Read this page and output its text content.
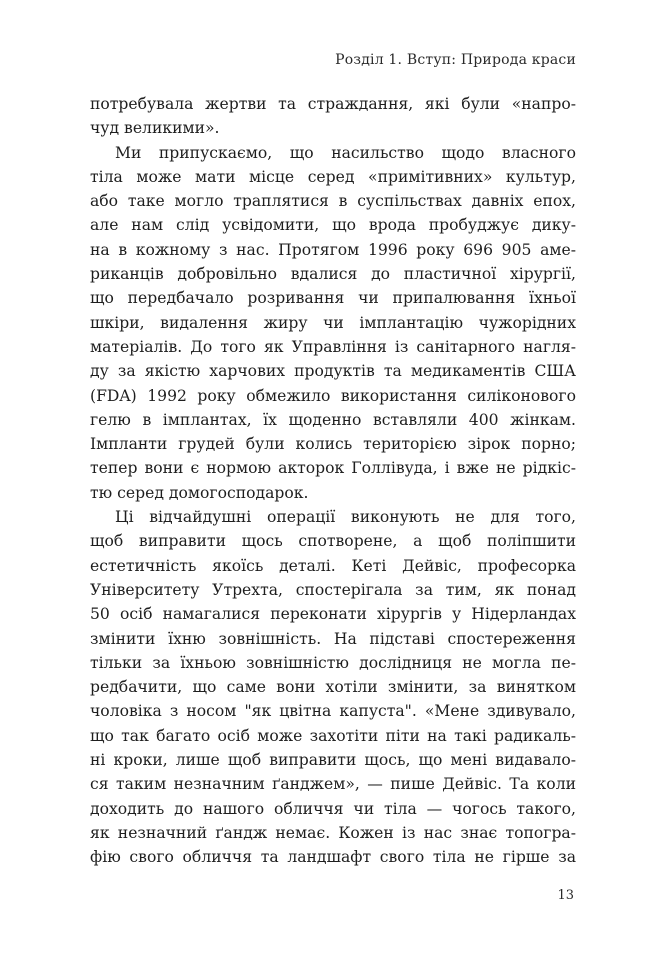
Розділ 1. Вступ: Природа краси

потребувала жертви та страждання, які були «напро-
чуд великими».

Ми припускаємо, що насильство щодо власного
тіла може мати місце серед «примітивних» культур,
або таке могло траплятися в суспільствах давніх епох,
але нам слід усвідомити, що врода пробуджує дику-
на в кожному з нас. Протягом 1996 року 696 905 аме-
риканців добровільно вдалися до пластичної хірургії,
що передбачало розривання чи припалювання їхньої
шкіри, видалення жиру чи імплантацію чужорідних
матеріалів. До того як Управління із санітарного нагля-
ду за якістю харчових продуктів та медикаментів США
(FDA) 1992 року обмежило використання силіконового
гелю в імплантах, їх щоденно вставляли 400 жінкам.
Імпланти грудей були колись територією зірок порно;
тепер вони є нормою акторок Голлівуда, і вже не рідкіс-
тю серед домогосподарок.

Ці відчайдушні операції виконують не для того,
щоб виправити щось спотворене, а щоб поліпшити
естетичність якоїсь деталі. Кеті Дейвіс, професорка
Університету Утрехта, спостерігала за тим, як понад
50 осіб намагалися переконати хірургів у Нідерландах
змінити їхню зовнішність. На підставі спостереження
тільки за їхньою зовнішністю дослідниця не могла пе-
редбачити, що саме вони хотіли змінити, за винятком
чоловіка з носом "як цвітна капуста". «Мене здивувало,
що так багато осіб може захотіти піти на такі радикаль-
ні кроки, лише щоб виправити щось, що мені видавало-
ся таким незначним ґанджем», — пише Дейвіс. Та коли
доходить до нашого обличчя чи тіла — чогось такого,
як незначний ґандж немає. Кожен із нас знає топогра-
фію свого обличчя та ландшафт свого тіла не гірше за

13
